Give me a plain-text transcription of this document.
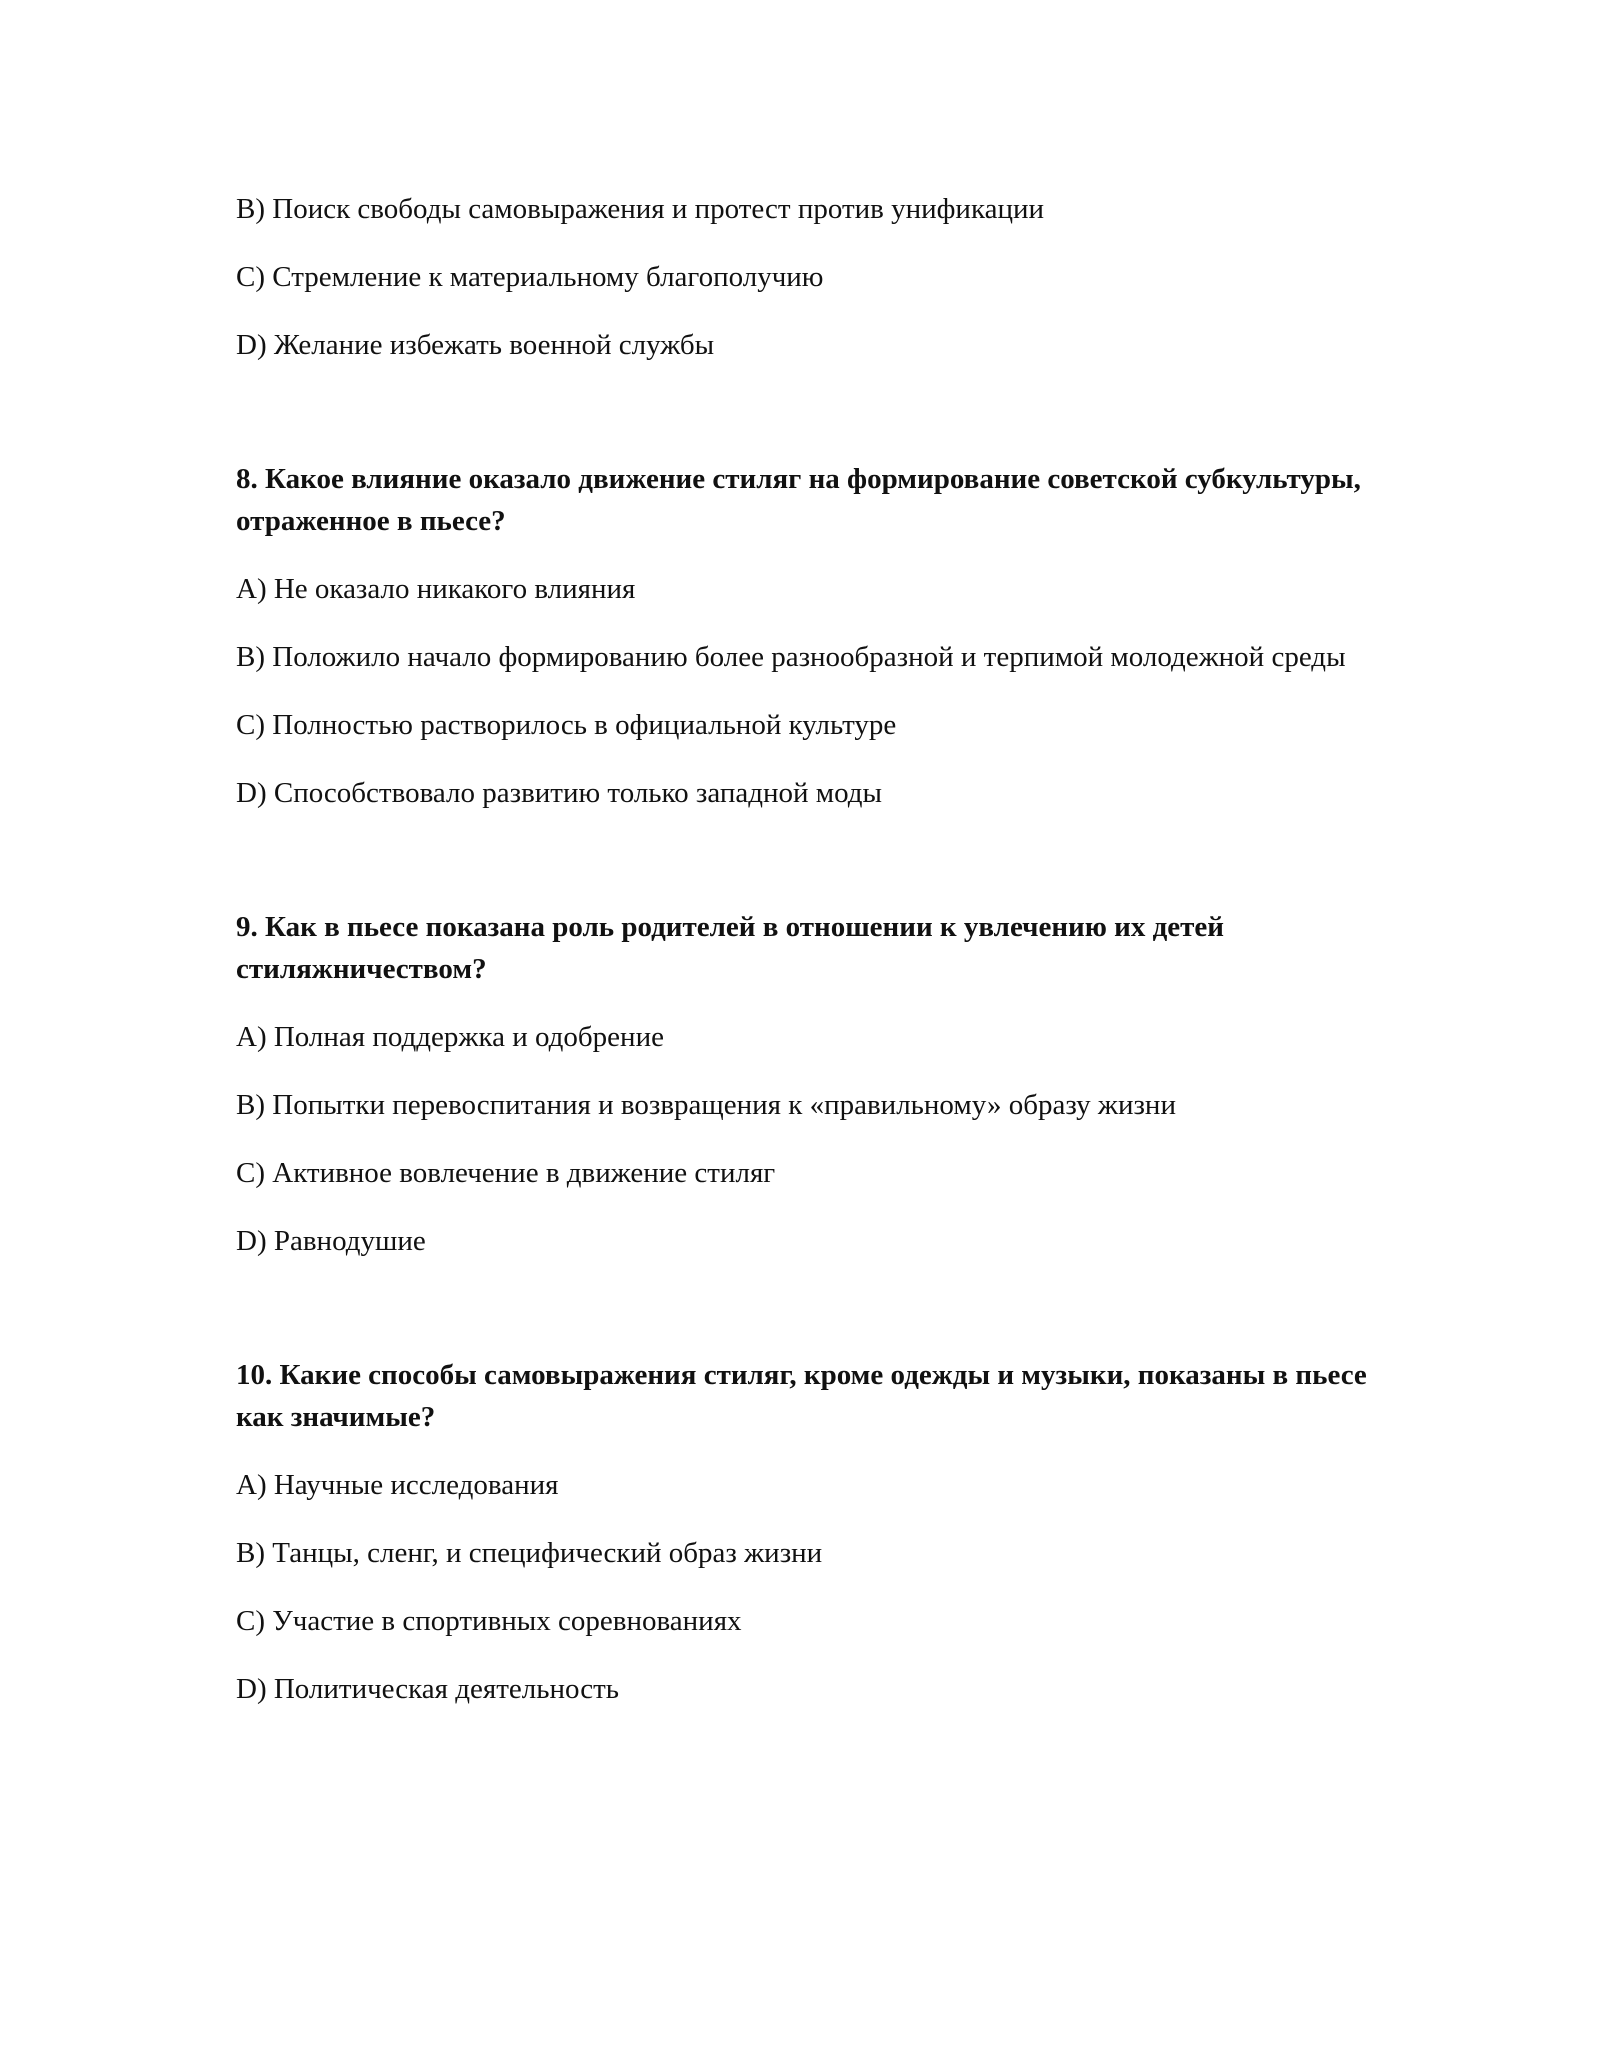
B) Поиск свободы самовыражения и протест против унификации

C) Стремление к материальному благополучию

D) Желание избежать военной службы

8. Какое влияние оказало движение стиляг на формирование советской субкультуры, отраженное в пьесе?

A) Не оказало никакого влияния

B) Положило начало формированию более разнообразной и терпимой молодежной среды

C) Полностью растворилось в официальной культуре

D) Способствовало развитию только западной моды

9. Как в пьесе показана роль родителей в отношении к увлечению их детей стиляжничеством?

A) Полная поддержка и одобрение

B) Попытки перевоспитания и возвращения к «правильному» образу жизни

C) Активное вовлечение в движение стиляг

D) Равнодушие

10. Какие способы самовыражения стиляг, кроме одежды и музыки, показаны в пьесе как значимые?

A) Научные исследования

B) Танцы, сленг, и специфический образ жизни

C) Участие в спортивных соревнованиях

D) Политическая деятельность
